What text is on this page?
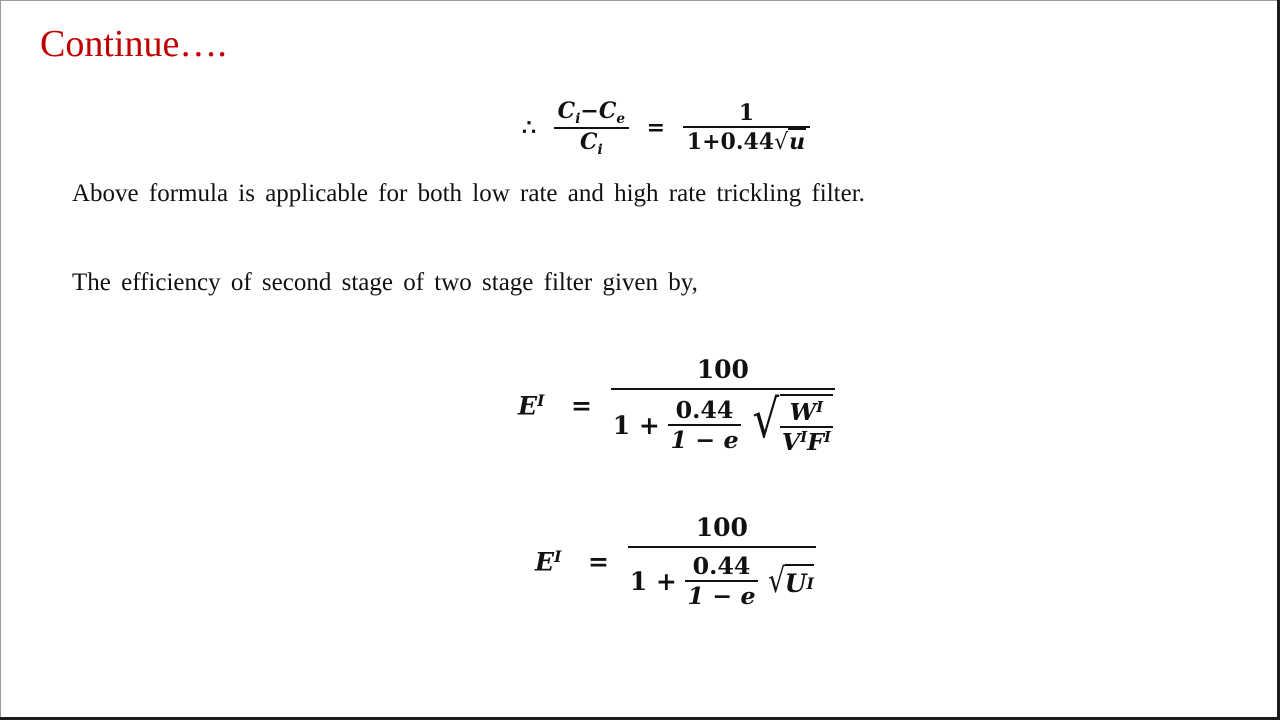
Continue….
∴ $\frac{C_i-C_e}{C_i} = \frac{1}{1+0.44√u}$
Above formula is applicable for both low rate and high rate trickling filter.
The efficiency of second stage of two stage filter given by,
$E^I$ =
100
$1 + \frac{0.44}{1 - e}$
√ $\frac{W^I}{V^IF^I}$
$E^I$ =
100
$1 + \frac{0.44}{1 - e}$
√ U I
